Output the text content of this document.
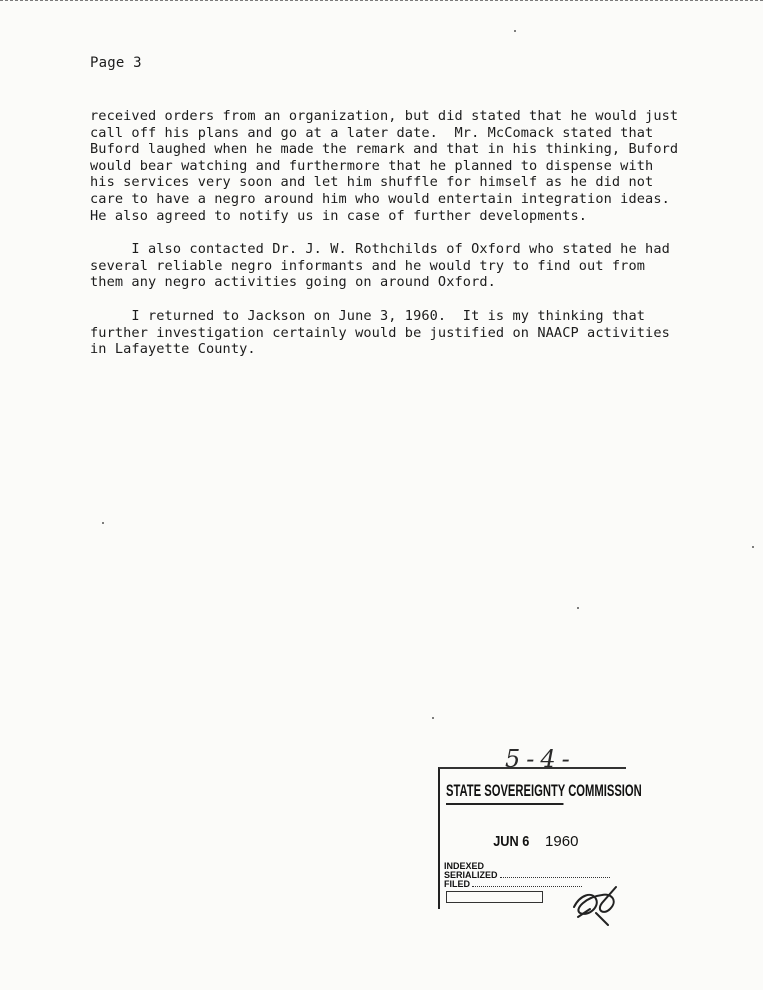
Page 3
received orders from an organization, but did stated that he would just
call off his plans and go at a later date.  Mr. McComack stated that
Buford laughed when he made the remark and that in his thinking, Buford
would bear watching and furthermore that he planned to dispense with
his services very soon and let him shuffle for himself as he did not
care to have a negro around him who would entertain integration ideas.
He also agreed to notify us in case of further developments.
I also contacted Dr. J. W. Rothchilds of Oxford who stated he had
several reliable negro informants and he would try to find out from
them any negro activities going on around Oxford.
I returned to Jackson on June 3, 1960.  It is my thinking that
further investigation certainly would be justified on NAACP activities
in Lafayette County.
5-4-
STATE SOVEREIGNTY COMMISSION
JUN 6 1960
INDEXED
SERIALIZED
FILED
